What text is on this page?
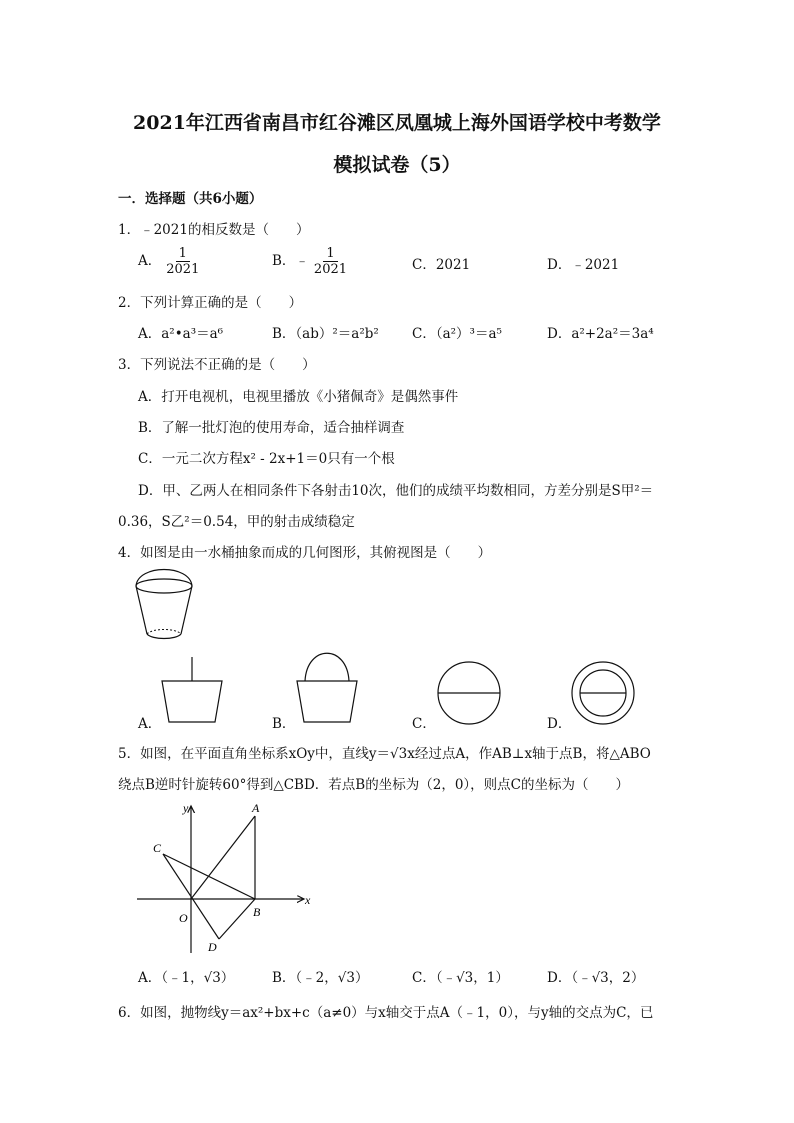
2021年江西省南昌市红谷滩区凤凰城上海外国语学校中考数学
模拟试卷（5）
一．选择题（共6小题）
1．﹣2021的相反数是（　　）
A． $\frac{1}{2021}$	B．﹣ $\frac{1}{2021}$	C．2021	D．﹣2021
2．下列计算正确的是（　　）
A．a²•a³＝a⁶	B．（ab）²＝a²b² C．（a²）³＝a⁵	D．a²+2a²＝3a⁴
3．下列说法不正确的是（　　）
A．打开电视机，电视里播放《小猪佩奇》是偶然事件
B．了解一批灯泡的使用寿命，适合抽样调查
C．一元二次方程x² - 2x+1＝0只有一个根
D．甲、乙两人在相同条件下各射击10次，他们的成绩平均数相同，方差分别是S甲²＝
0.36，S乙²＝0.54，甲的射击成绩稳定
4．如图是由一水桶抽象而成的几何图形，其俯视图是（　　）
A．	B．	C．	D．
5．如图，在平面直角坐标系xOy中，直线y＝√3x经过点A，作AB⊥x轴于点B，将△ABO
绕点B逆时针旋转60°得到△CBD．若点B的坐标为（2，0），则点C的坐标为（　　）
y
x
A
C
O	B
D
A．（﹣1，√3）	B．（﹣2，√3）	C．（﹣√3，1）	D．（﹣√3，2）
6．如图，抛物线y＝ax²+bx+c（a≠0）与x轴交于点A（﹣1，0），与y轴的交点为C，已
